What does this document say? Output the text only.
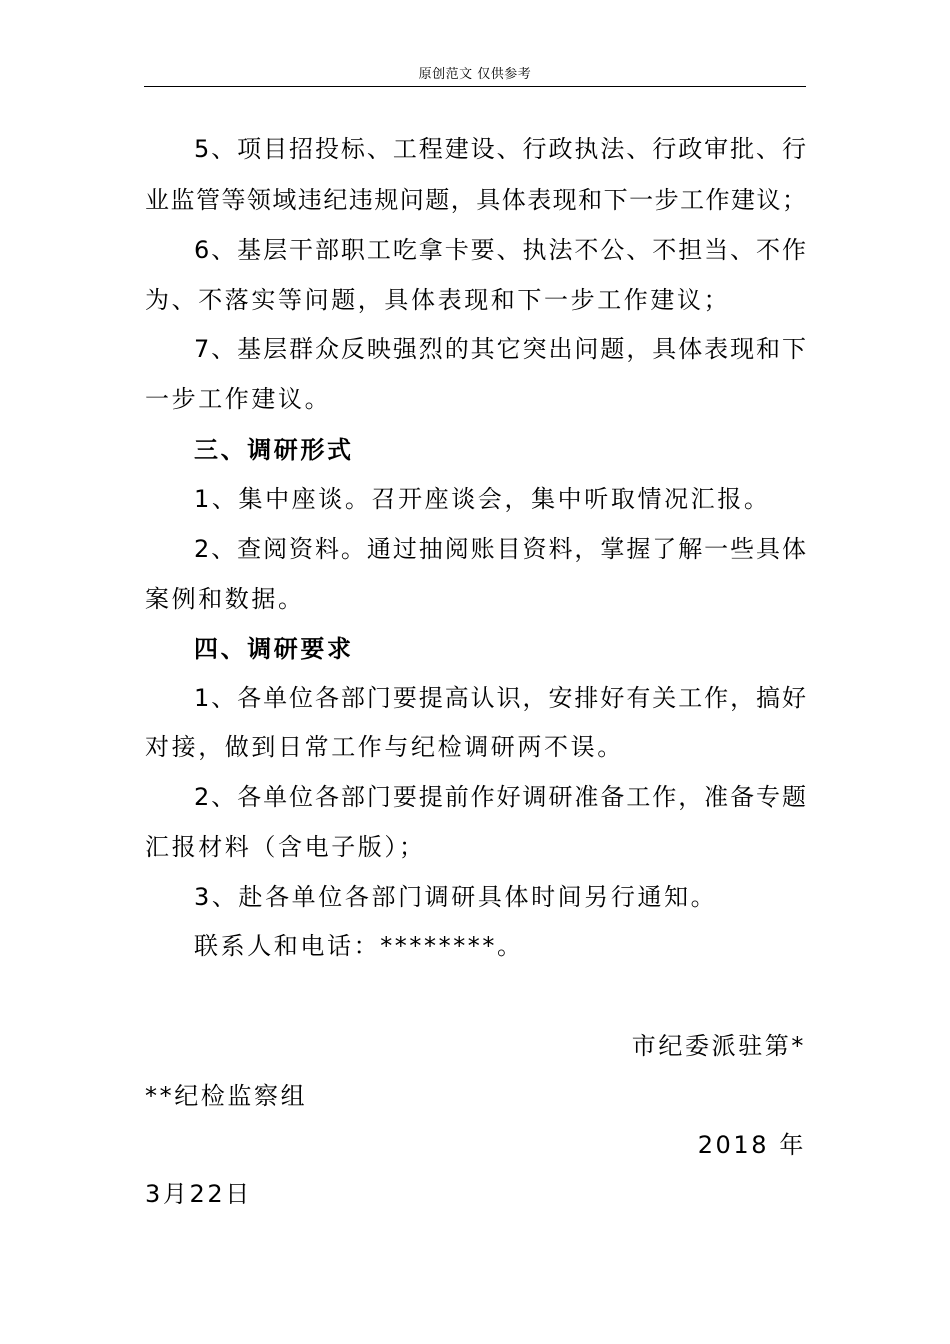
原创范文 仅供参考
5、项目招投标、工程建设、行政执法、行政审批、行
业监管等领域违纪违规问题，具体表现和下一步工作建议；
6、基层干部职工吃拿卡要、执法不公、不担当、不作
为、不落实等问题，具体表现和下一步工作建议；
7、基层群众反映强烈的其它突出问题，具体表现和下
一步工作建议。
三、调研形式
1、集中座谈。召开座谈会，集中听取情况汇报。
2、查阅资料。通过抽阅账目资料，掌握了解一些具体
案例和数据。
四、调研要求
1、各单位各部门要提高认识，安排好有关工作，搞好
对接，做到日常工作与纪检调研两不误。
2、各单位各部门要提前作好调研准备工作，准备专题
汇报材料（含电子版）；
3、赴各单位各部门调研具体时间另行通知。
联系人和电话：********。
市纪委派驻第*
**纪检监察组
2018 年
3月22日
